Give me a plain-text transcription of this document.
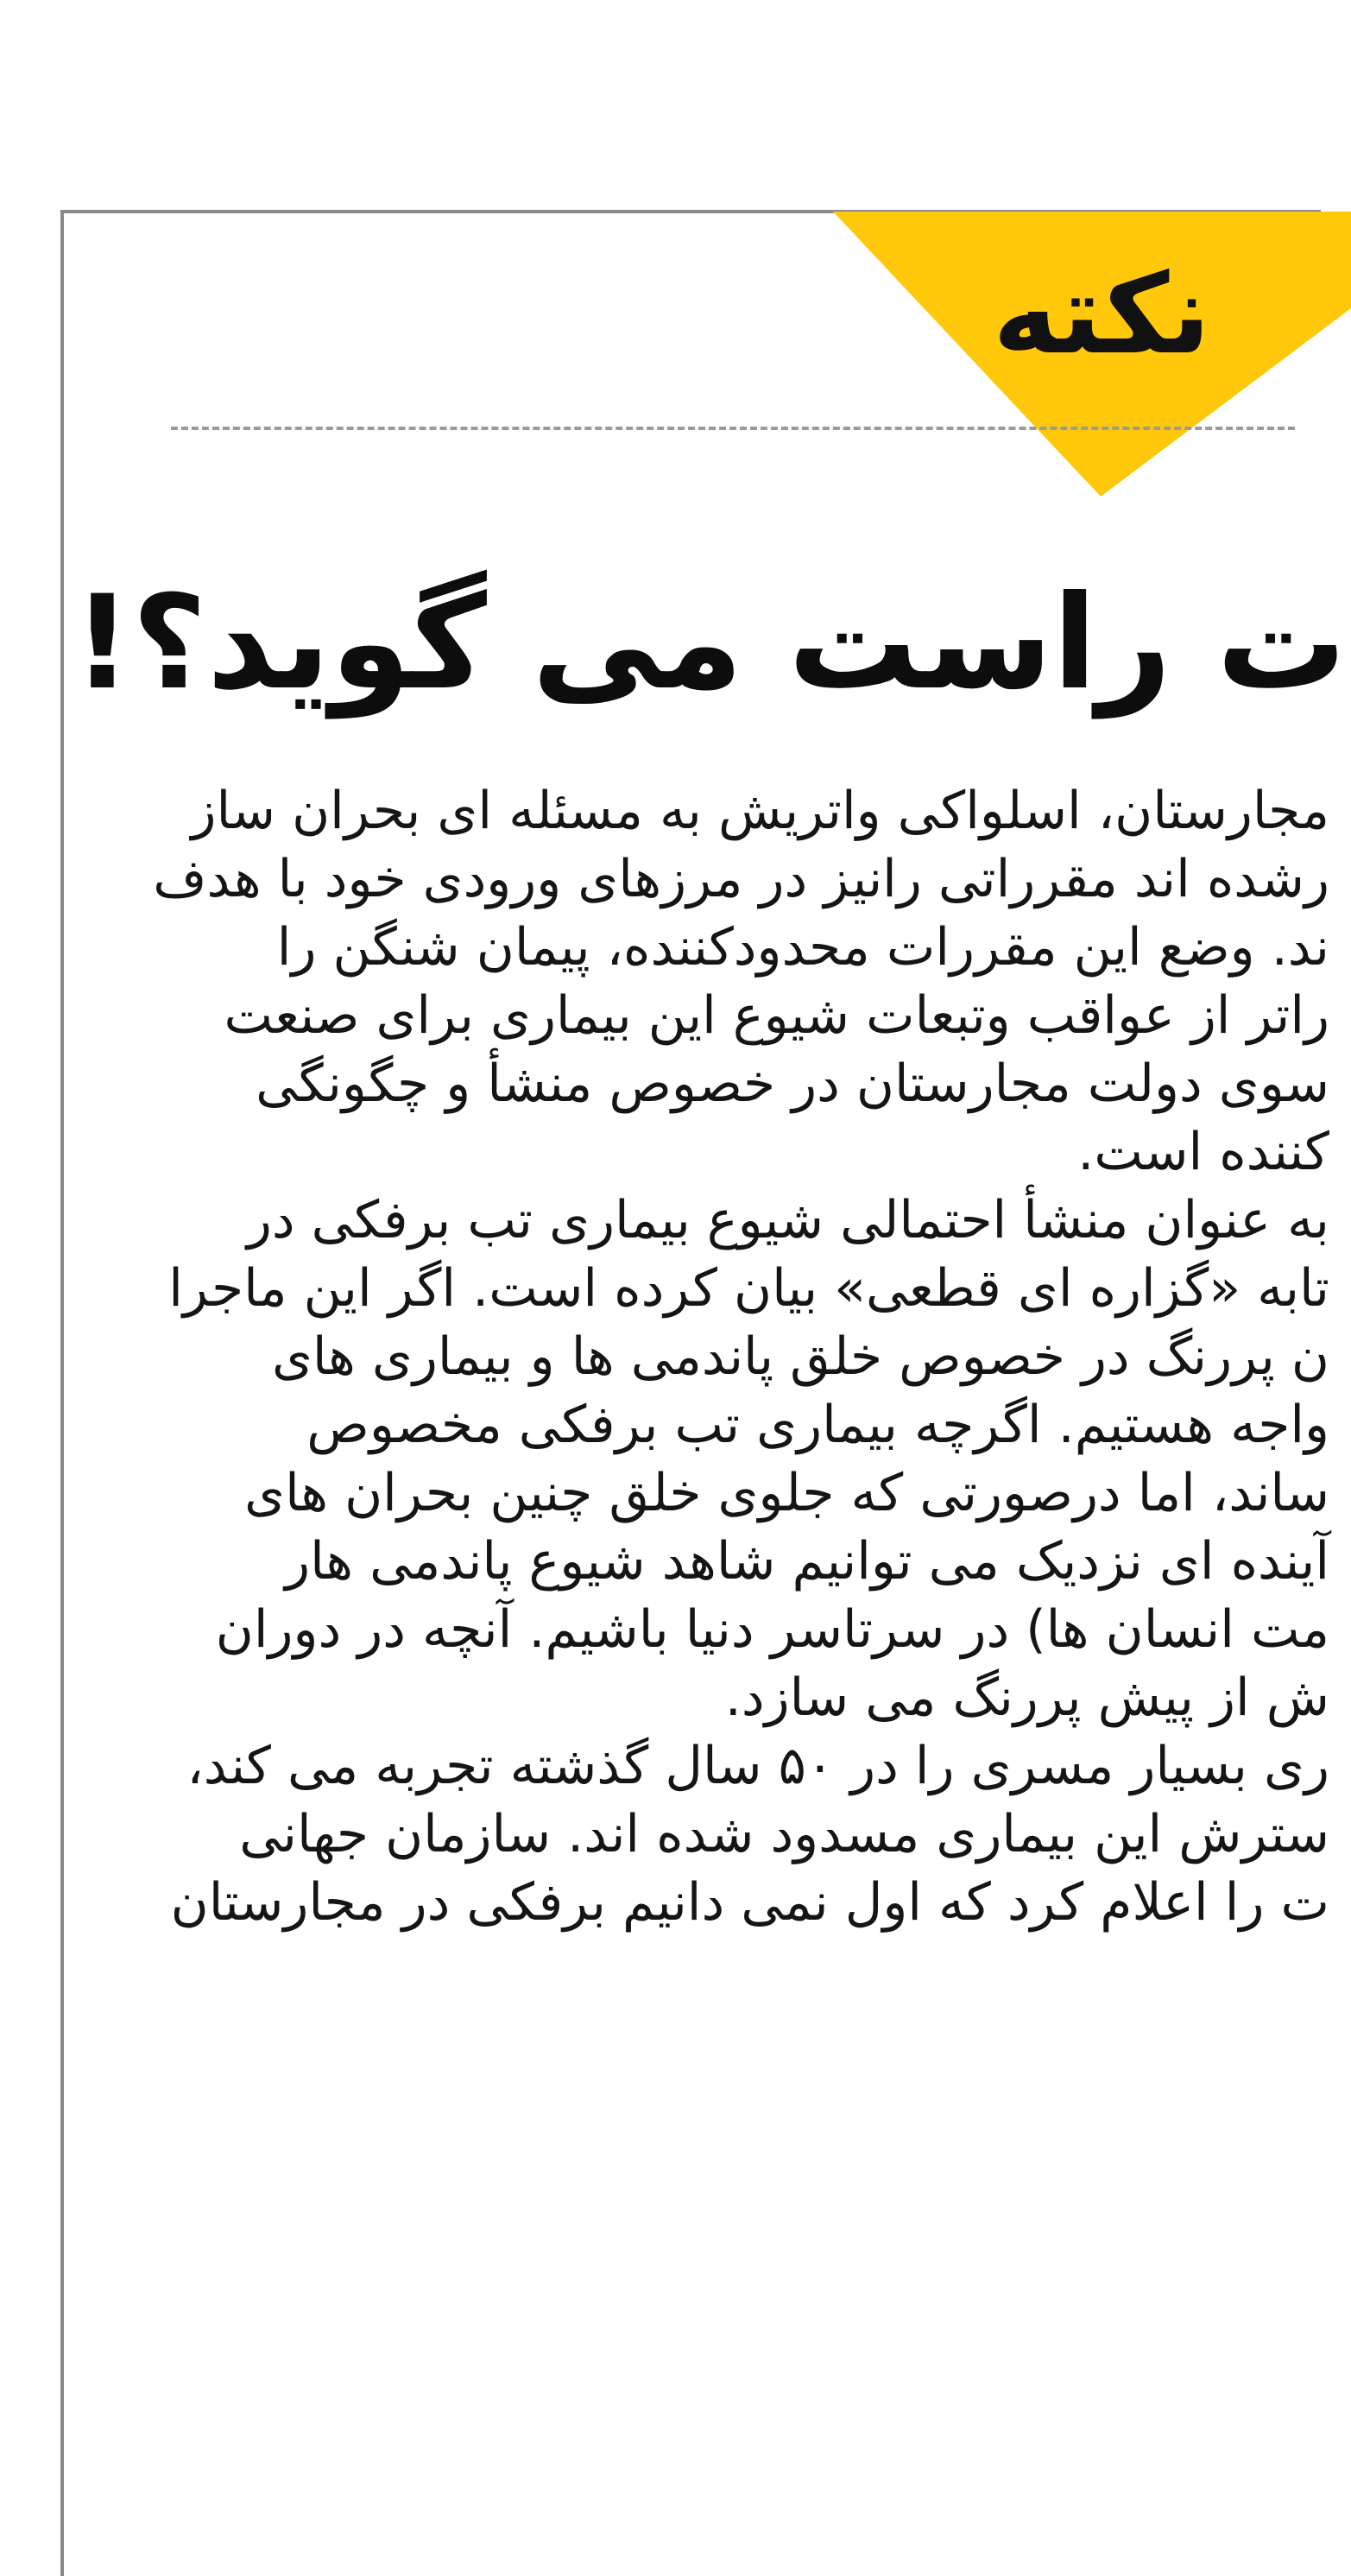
نکته
ت راست می گوید؟!
مجارستان، اسلواکی واتریش به مسئله ای بحران ساز
رشده اند مقرراتی رانیز در مرزهای ورودی خود با هدف
ند. وضع این مقررات محدودکننده، پیمان شنگن را
راتر از عواقب وتبعات شیوع این بیماری برای صنعت
سوی دولت مجارستان در خصوص منشأ و چگونگی
کننده است.
به عنوان منشأ احتمالی شیوع بیماری تب برفکی در
تابه «گزاره ای قطعی» بیان کرده است. اگر این ماجرا
ن پررنگ در خصوص خلق پاندمی ها و بیماری های
واجه هستیم. اگرچه بیماری تب برفکی مخصوص
ساند، اما درصورتی که جلوی خلق چنین بحران های
آینده ای نزدیک می توانیم شاهد شیوع پاندمی هار
مت انسان ها) در سرتاسر دنیا باشیم. آنچه در دوران
ش از پیش پررنگ می سازد.
ری بسیار مسری را در ۵۰ سال گذشته تجربه می کند،
سترش این بیماری مسدود شده اند. سازمان جهانی
ت را اعلام کرد که اول نمی دانیم برفکی در مجارستان
